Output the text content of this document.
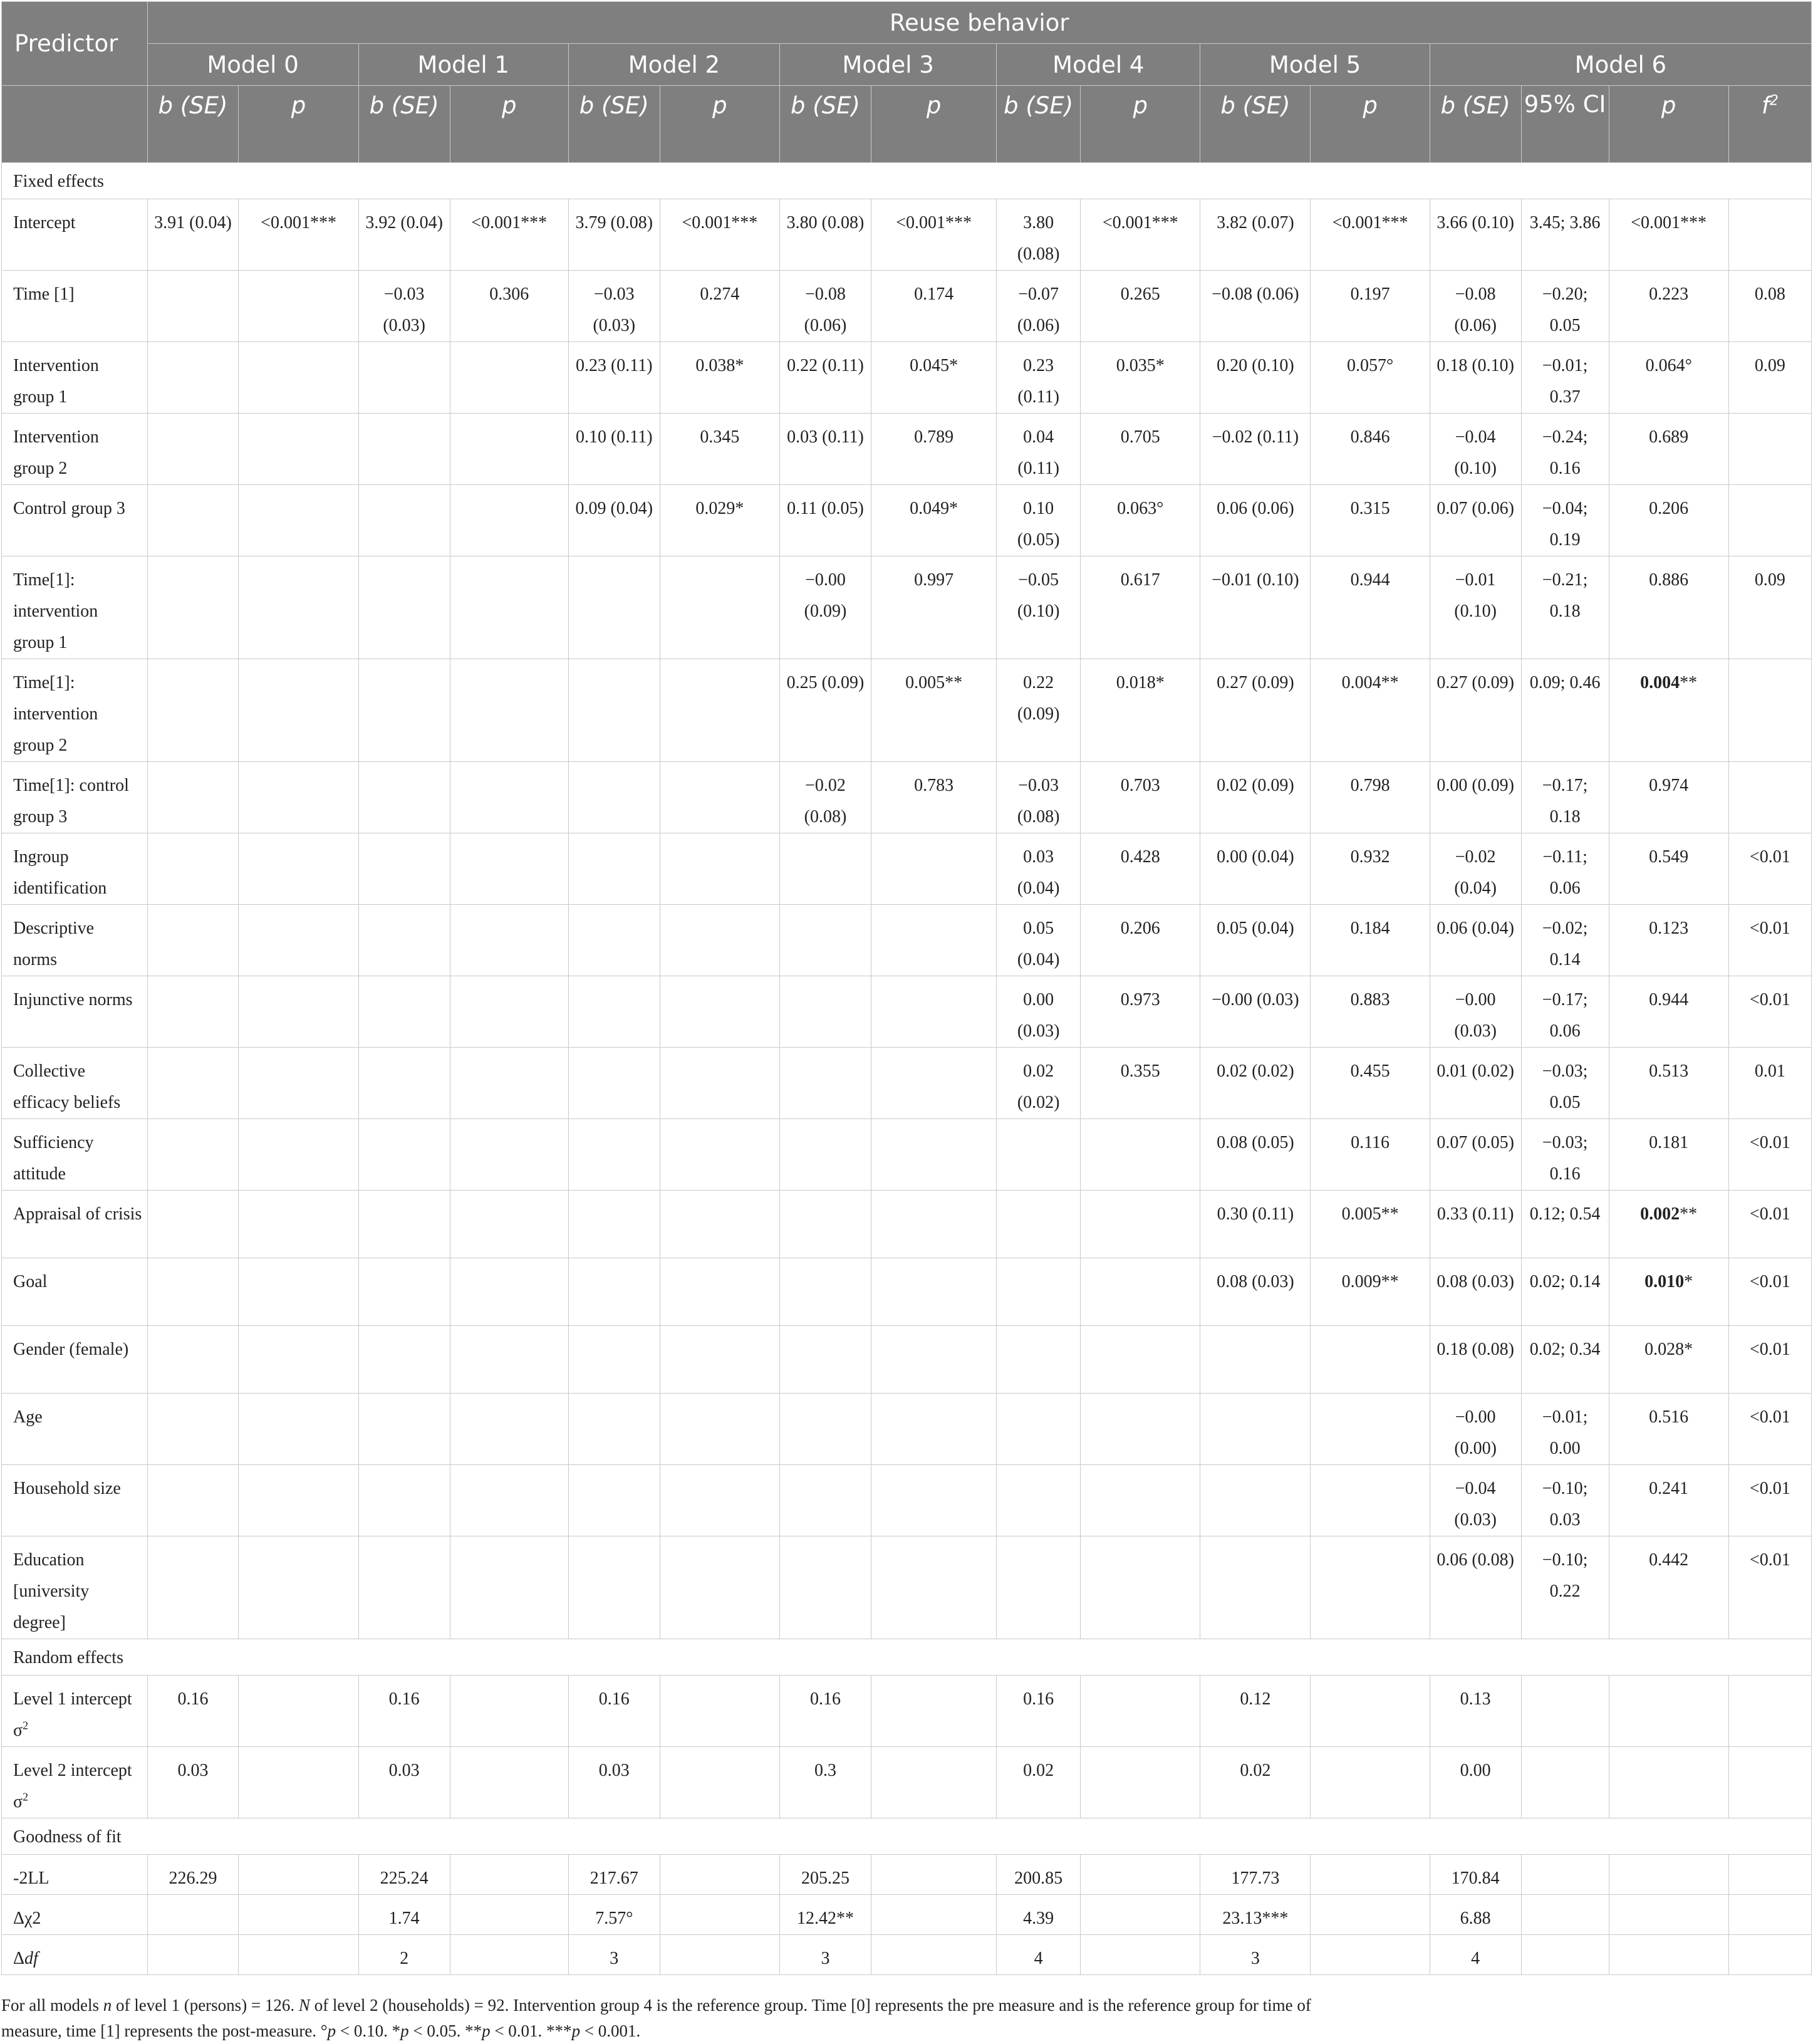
Predictor	Reuse behavior															
	Model 0		Model 1		Model 2		Model 3		Model 4		Model 5		Model 6			
	b (SE)	p	b (SE)	p	b (SE)	p	b (SE)	p	b (SE)	p	b (SE)	p	b (SE)	95% CI	p	$f^2$
Fixed effects																
Intercept	3.91 (0.04)	<0.001***	3.92 (0.04)	<0.001***	3.79 (0.08)	<0.001***	3.80 (0.08)	<0.001***	3.80 (0.08)	<0.001***	3.82 (0.07)	<0.001***	3.66 (0.10)	3.45; 3.86	<0.001***	
Time [1]			−0.03 (0.03)	0.306	−0.03 (0.03)	0.274	−0.08 (0.06)	0.174	−0.07 (0.06)	0.265	−0.08 (0.06)	0.197	−0.08 (0.06)	−0.20; 0.05	0.223	0.08
Intervention group 1					0.23 (0.11)	0.038*	0.22 (0.11)	0.045*	0.23 (0.11)	0.035*	0.20 (0.10)	0.057°	0.18 (0.10)	−0.01; 0.37	0.064°	0.09
Intervention group 2					0.10 (0.11)	0.345	0.03 (0.11)	0.789	0.04 (0.11)	0.705	−0.02 (0.11)	0.846	−0.04 (0.10)	−0.24; 0.16	0.689	
Control group 3					0.09 (0.04)	0.029*	0.11 (0.05)	0.049*	0.10 (0.05)	0.063°	0.06 (0.06)	0.315	0.07 (0.06)	−0.04; 0.19	0.206	
Time[1]: intervention group 1							−0.00 (0.09)	0.997	−0.05 (0.10)	0.617	−0.01 (0.10)	0.944	−0.01 (0.10)	−0.21; 0.18	0.886	0.09
Time[1]: intervention group 2							0.25 (0.09)	0.005**	0.22 (0.09)	0.018*	0.27 (0.09)	0.004**	0.27 (0.09)	0.09; 0.46	0.004**	
Time[1]: control group 3							−0.02 (0.08)	0.783	−0.03 (0.08)	0.703	0.02 (0.09)	0.798	0.00 (0.09)	−0.17; 0.18	0.974	
Ingroup identification									0.03 (0.04)	0.428	0.00 (0.04)	0.932	−0.02 (0.04)	−0.11; 0.06	0.549	<0.01
Descriptive norms									0.05 (0.04)	0.206	0.05 (0.04)	0.184	0.06 (0.04)	−0.02; 0.14	0.123	<0.01
Injunctive norms									0.00 (0.03)	0.973	−0.00 (0.03)	0.883	−0.00 (0.03)	−0.17; 0.06	0.944	<0.01
Collective efficacy beliefs									0.02 (0.02)	0.355	0.02 (0.02)	0.455	0.01 (0.02)	−0.03; 0.05	0.513	0.01
Sufficiency attitude											0.08 (0.05)	0.116	0.07 (0.05)	−0.03; 0.16	0.181	<0.01
Appraisal of crisis											0.30 (0.11)	0.005**	0.33 (0.11)	0.12; 0.54	0.002**	<0.01
Goal											0.08 (0.03)	0.009**	0.08 (0.03)	0.02; 0.14	0.010*	<0.01
Gender (female)													0.18 (0.08)	0.02; 0.34	0.028*	<0.01
Age													−0.00 (0.00)	−0.01; 0.00	0.516	<0.01
Household size													−0.04 (0.03)	−0.10; 0.03	0.241	<0.01
Education [university degree]													0.06 (0.08)	−0.10; 0.22	0.442	<0.01
Random effects																
Level 1 intercept $\sigma^2$	0.16		0.16		0.16		0.16		0.16		0.12		0.13			
Level 2 intercept $\sigma^2$	0.03		0.03		0.03		0.3		0.02		0.02		0.00			
Goodness of fit																
-2LL	226.29		225.24		217.67		205.25		200.85		177.73		170.84			
Δχ2			1.74		7.57°		12.42**		4.39		23.13***		6.88			
Δdf			2		3		3		4		3		4			
For all models n of level 1 (persons) = 126. N of level 2 (households) = 92. Intervention group 4 is the reference group. Time [0] represents the pre measure and is the reference group for time of
measure, time [1] represents the post-measure. °p < 0.10. *p < 0.05. **p < 0.01. ***p < 0.001.
